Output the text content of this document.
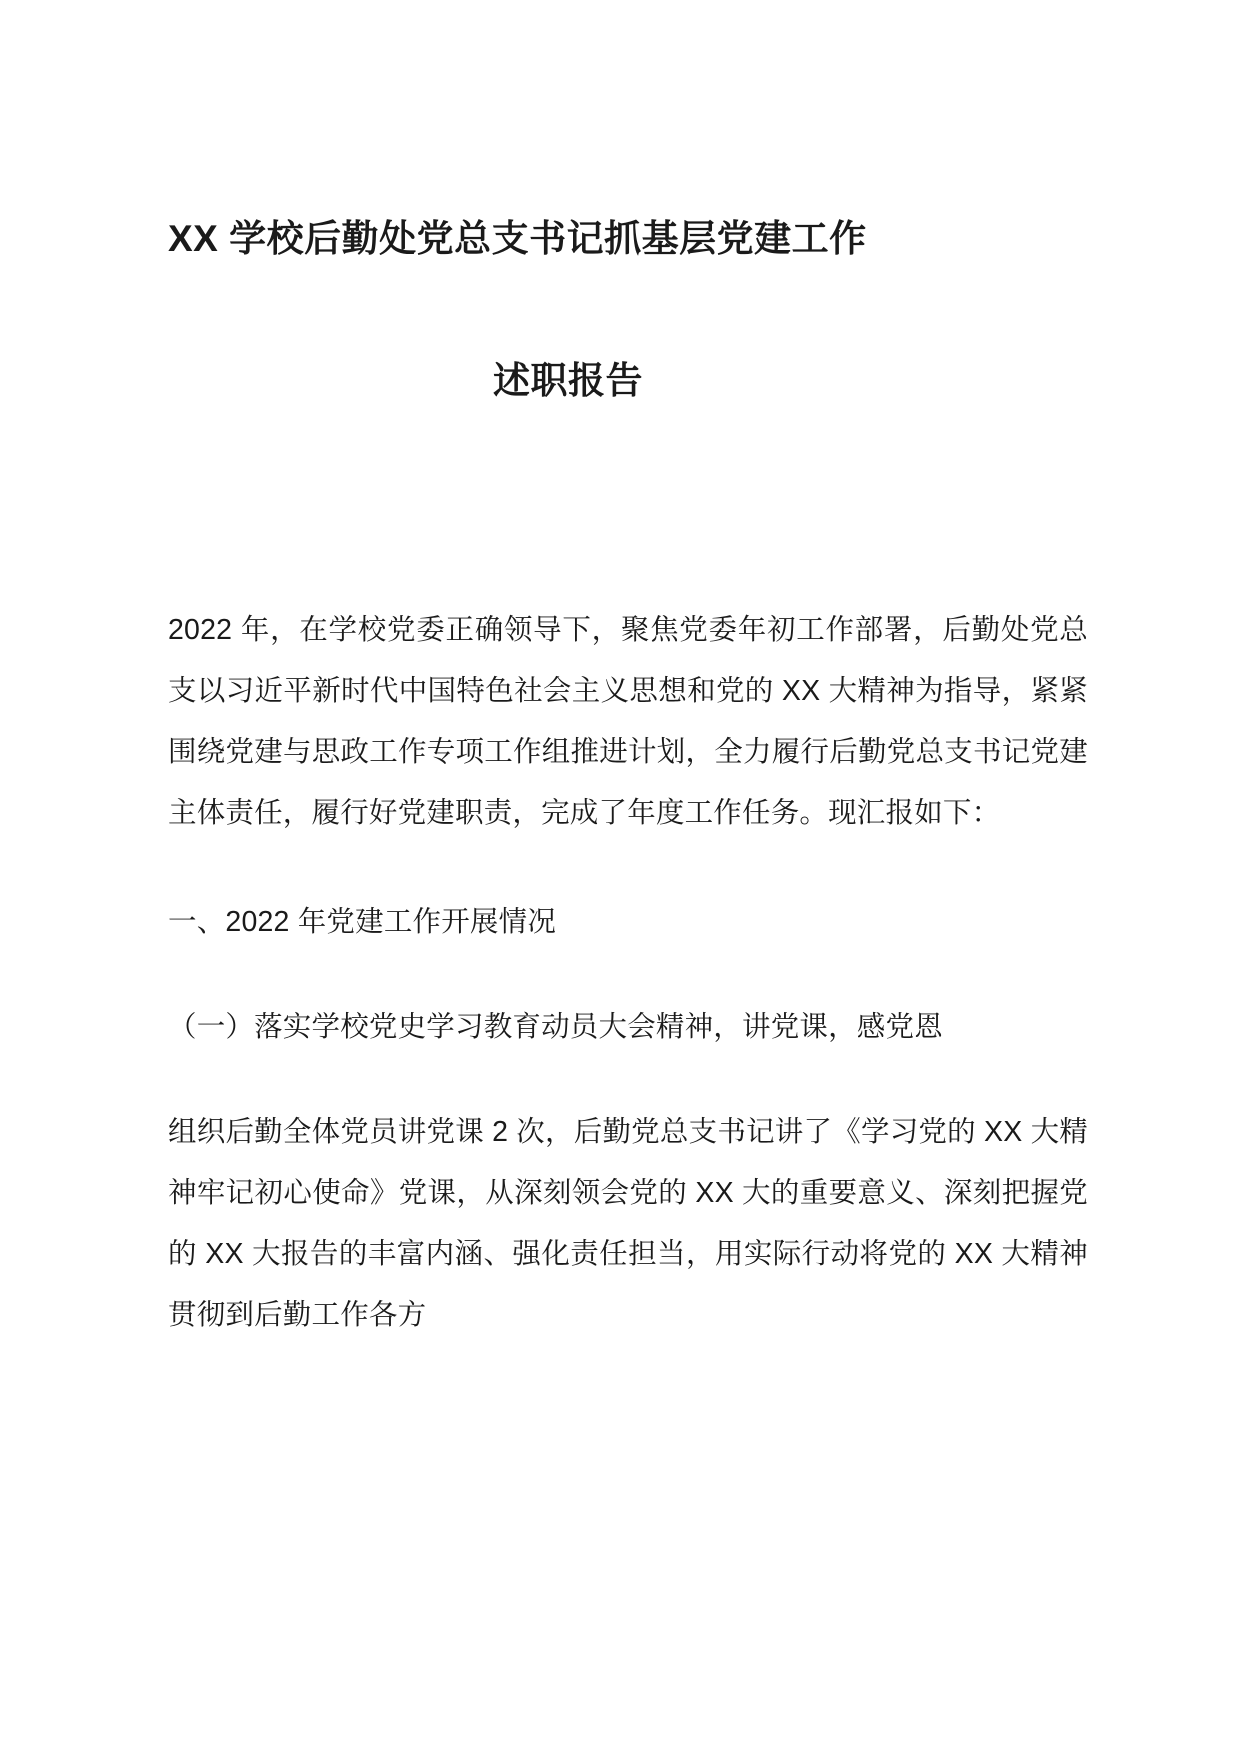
XX 学校后勤处党总支书记抓基层党建工作
述职报告

2022 年，在学校党委正确领导下，聚焦党委年初工作部署，后勤处党总支以习近平新时代中国特色社会主义思想和党的 XX 大精神为指导，紧紧围绕党建与思政工作专项工作组推进计划，全力履行后勤党总支书记党建主体责任，履行好党建职责，完成了年度工作任务。现汇报如下：

一、2022 年党建工作开展情况

（一）落实学校党史学习教育动员大会精神，讲党课，感党恩

组织后勤全体党员讲党课 2 次，后勤党总支书记讲了《学习党的 XX 大精神牢记初心使命》党课，从深刻领会党的 XX 大的重要意义、深刻把握党的 XX 大报告的丰富内涵、强化责任担当，用实际行动将党的 XX 大精神贯彻到后勤工作各方
